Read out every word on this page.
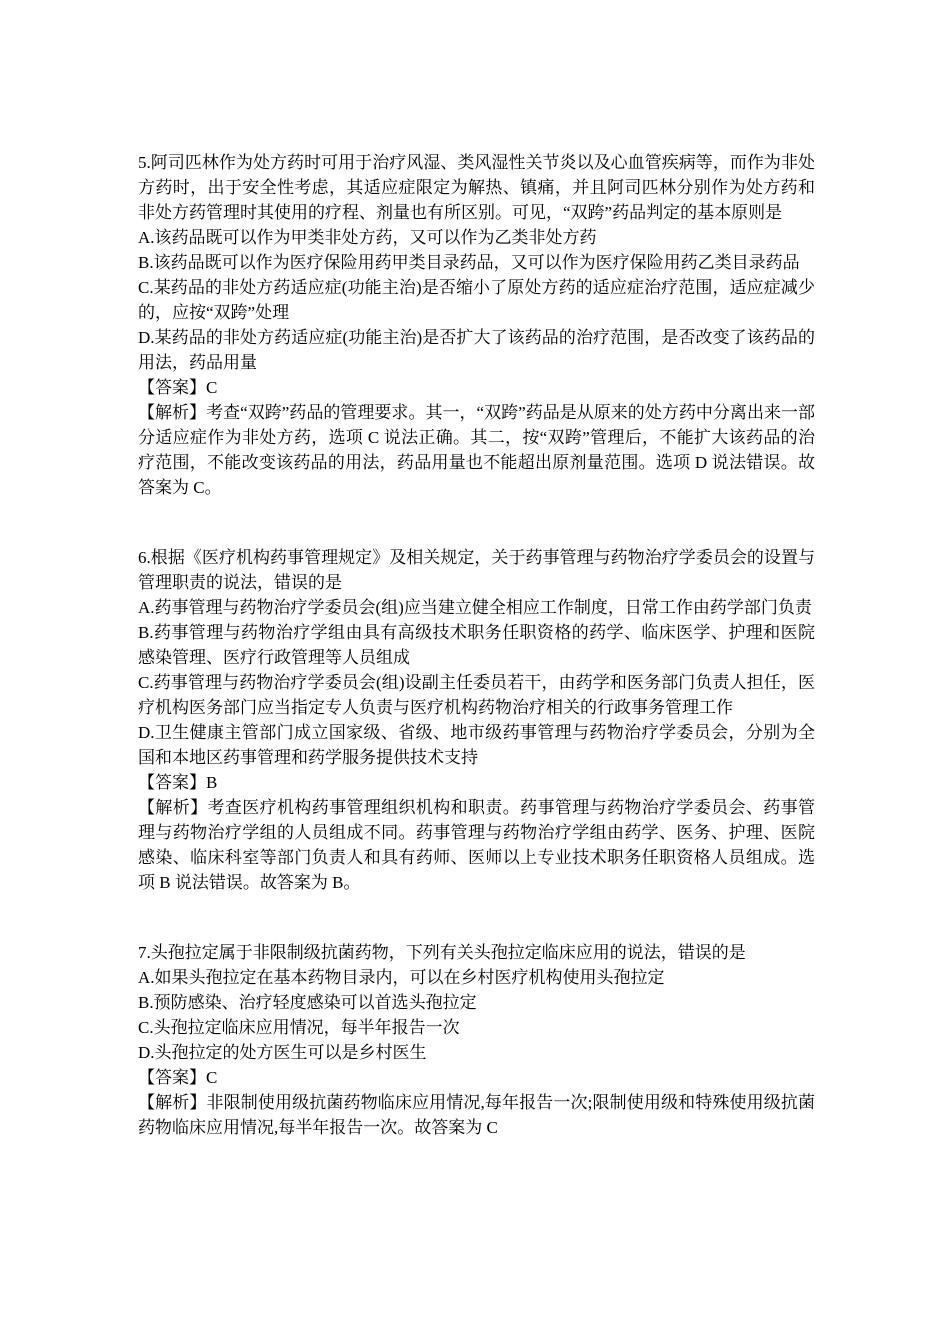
5.阿司匹林作为处方药时可用于治疗风湿、类风湿性关节炎以及心血管疾病等，而作为非处方药时，出于安全性考虑，其适应症限定为解热、镇痛，并且阿司匹林分别作为处方药和非处方药管理时其使用的疗程、剂量也有所区别。可见，“双跨”药品判定的基本原则是

A.该药品既可以作为甲类非处方药，又可以作为乙类非处方药

B.该药品既可以作为医疗保险用药甲类目录药品，又可以作为医疗保险用药乙类目录药品

C.某药品的非处方药适应症(功能主治)是否缩小了原处方药的适应症治疗范围，适应症减少的，应按“双跨”处理

D.某药品的非处方药适应症(功能主治)是否扩大了该药品的治疗范围，是否改变了该药品的用法，药品用量

【答案】C

【解析】考查“双跨”药品的管理要求。其一，“双跨”药品是从原来的处方药中分离出来一部分适应症作为非处方药，选项 C 说法正确。其二，按“双跨”管理后，不能扩大该药品的治疗范围，不能改变该药品的用法，药品用量也不能超出原剂量范围。选项 D 说法错误。故答案为 C。

6.根据《医疗机构药事管理规定》及相关规定，关于药事管理与药物治疗学委员会的设置与管理职责的说法，错误的是

A.药事管理与药物治疗学委员会(组)应当建立健全相应工作制度，日常工作由药学部门负责

B.药事管理与药物治疗学组由具有高级技术职务任职资格的药学、临床医学、护理和医院感染管理、医疗行政管理等人员组成

C.药事管理与药物治疗学委员会(组)设副主任委员若干，由药学和医务部门负责人担任，医疗机构医务部门应当指定专人负责与医疗机构药物治疗相关的行政事务管理工作

D.卫生健康主管部门成立国家级、省级、地市级药事管理与药物治疗学委员会，分别为全国和本地区药事管理和药学服务提供技术支持

【答案】B

【解析】考查医疗机构药事管理组织机构和职责。药事管理与药物治疗学委员会、药事管理与药物治疗学组的人员组成不同。药事管理与药物治疗学组由药学、医务、护理、医院感染、临床科室等部门负责人和具有药师、医师以上专业技术职务任职资格人员组成。选项 B 说法错误。故答案为 B。

7.头孢拉定属于非限制级抗菌药物，下列有关头孢拉定临床应用的说法，错误的是

A.如果头孢拉定在基本药物目录内，可以在乡村医疗机构使用头孢拉定

B.预防感染、治疗轻度感染可以首选头孢拉定

C.头孢拉定临床应用情况，每半年报告一次

D.头孢拉定的处方医生可以是乡村医生

【答案】C

【解析】非限制使用级抗菌药物临床应用情况,每年报告一次;限制使用级和特殊使用级抗菌药物临床应用情况,每半年报告一次。故答案为 C
